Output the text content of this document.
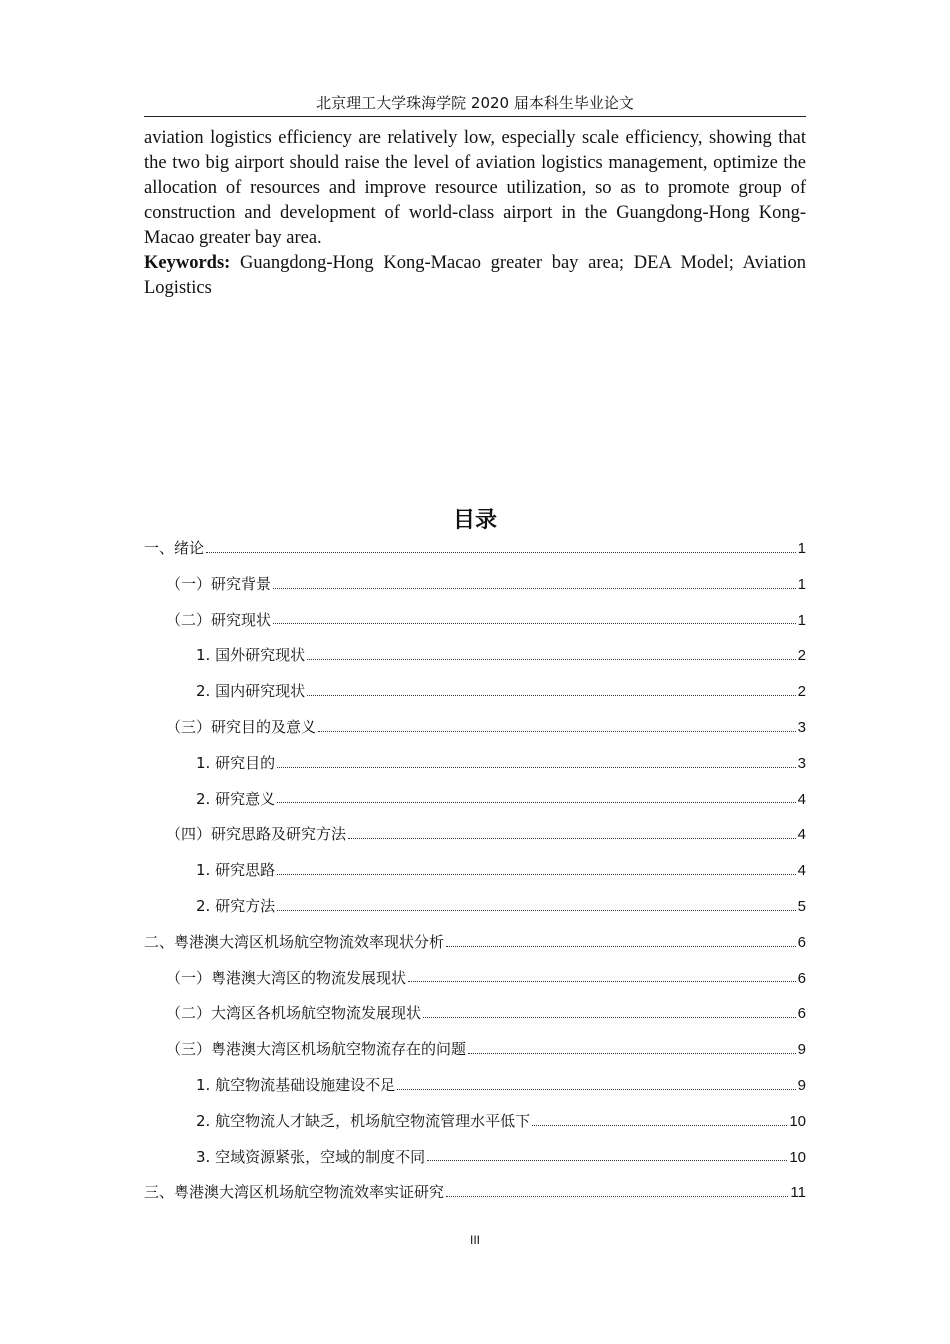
北京理工大学珠海学院 2020 届本科生毕业论文

aviation logistics efficiency are relatively low, especially scale efficiency, showing that the two big airport should raise the level of aviation logistics management, optimize the allocation of resources and improve resource utilization, so as to promote group of construction and development of world-class airport in the Guangdong-Hong Kong-Macao greater bay area.

Keywords: Guangdong-Hong Kong-Macao greater bay area; DEA Model; Aviation Logistics

目录
一、绪论	1
（一）研究背景	1
（二）研究现状	1
1. 国外研究现状	2
2. 国内研究现状	2
（三）研究目的及意义	3
1. 研究目的	3
2. 研究意义	4
（四）研究思路及研究方法	4
1. 研究思路	4
2. 研究方法	5
二、粤港澳大湾区机场航空物流效率现状分析	6
（一）粤港澳大湾区的物流发展现状	6
（二）大湾区各机场航空物流发展现状	6
（三）粤港澳大湾区机场航空物流存在的问题	9
1. 航空物流基础设施建设不足	9
2. 航空物流人才缺乏，机场航空物流管理水平低下	10
3. 空域资源紧张，空域的制度不同	10
三、粤港澳大湾区机场航空物流效率实证研究	11
III
